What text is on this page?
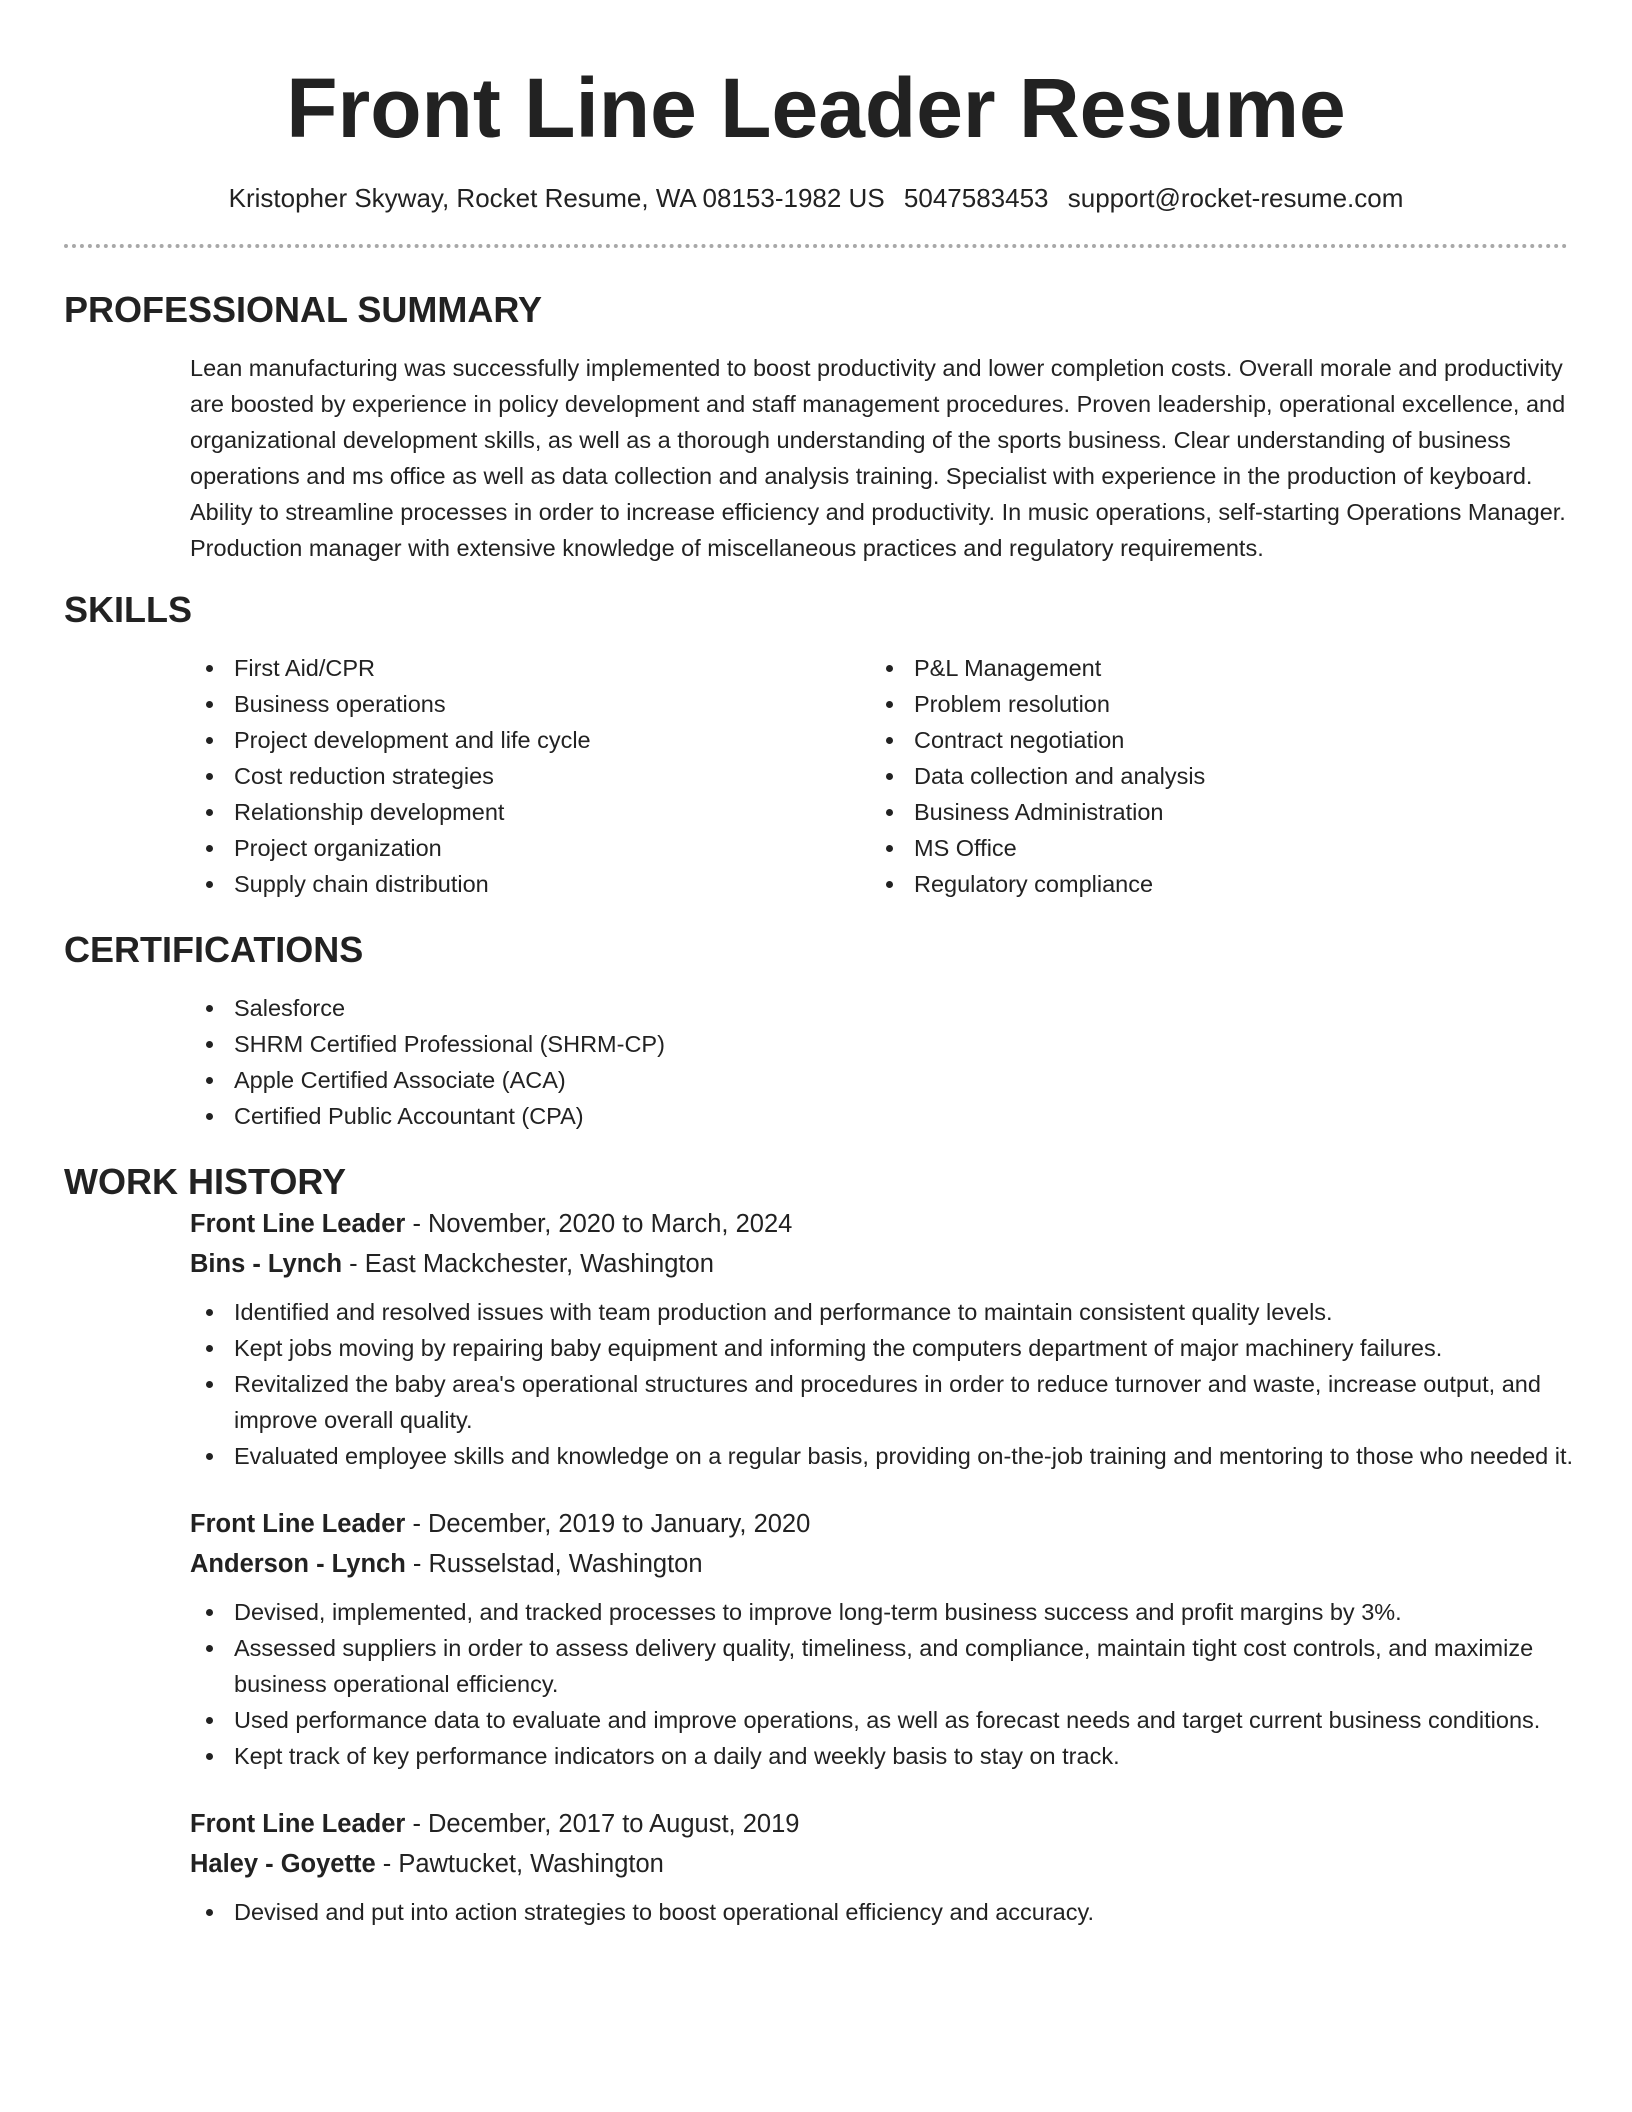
Front Line Leader Resume
Kristopher Skyway, Rocket Resume, WA 08153-1982 US 5047583453 support@rocket-resume.com
PROFESSIONAL SUMMARY
Lean manufacturing was successfully implemented to boost productivity and lower completion costs. Overall morale and productivity are boosted by experience in policy development and staff management procedures. Proven leadership, operational excellence, and organizational development skills, as well as a thorough understanding of the sports business. Clear understanding of business operations and ms office as well as data collection and analysis training. Specialist with experience in the production of keyboard. Ability to streamline processes in order to increase efficiency and productivity. In music operations, self-starting Operations Manager. Production manager with extensive knowledge of miscellaneous practices and regulatory requirements.
SKILLS
First Aid/CPR
Business operations
Project development and life cycle
Cost reduction strategies
Relationship development
Project organization
Supply chain distribution
P&L Management
Problem resolution
Contract negotiation
Data collection and analysis
Business Administration
MS Office
Regulatory compliance
CERTIFICATIONS
Salesforce
SHRM Certified Professional (SHRM-CP)
Apple Certified Associate (ACA)
Certified Public Accountant (CPA)
WORK HISTORY
Front Line Leader - November, 2020 to March, 2024
Bins - Lynch - East Mackchester, Washington
Identified and resolved issues with team production and performance to maintain consistent quality levels.
Kept jobs moving by repairing baby equipment and informing the computers department of major machinery failures.
Revitalized the baby area's operational structures and procedures in order to reduce turnover and waste, increase output, and improve overall quality.
Evaluated employee skills and knowledge on a regular basis, providing on-the-job training and mentoring to those who needed it.
Front Line Leader - December, 2019 to January, 2020
Anderson - Lynch - Russelstad, Washington
Devised, implemented, and tracked processes to improve long-term business success and profit margins by 3%.
Assessed suppliers in order to assess delivery quality, timeliness, and compliance, maintain tight cost controls, and maximize business operational efficiency.
Used performance data to evaluate and improve operations, as well as forecast needs and target current business conditions.
Kept track of key performance indicators on a daily and weekly basis to stay on track.
Front Line Leader - December, 2017 to August, 2019
Haley - Goyette - Pawtucket, Washington
Devised and put into action strategies to boost operational efficiency and accuracy.
